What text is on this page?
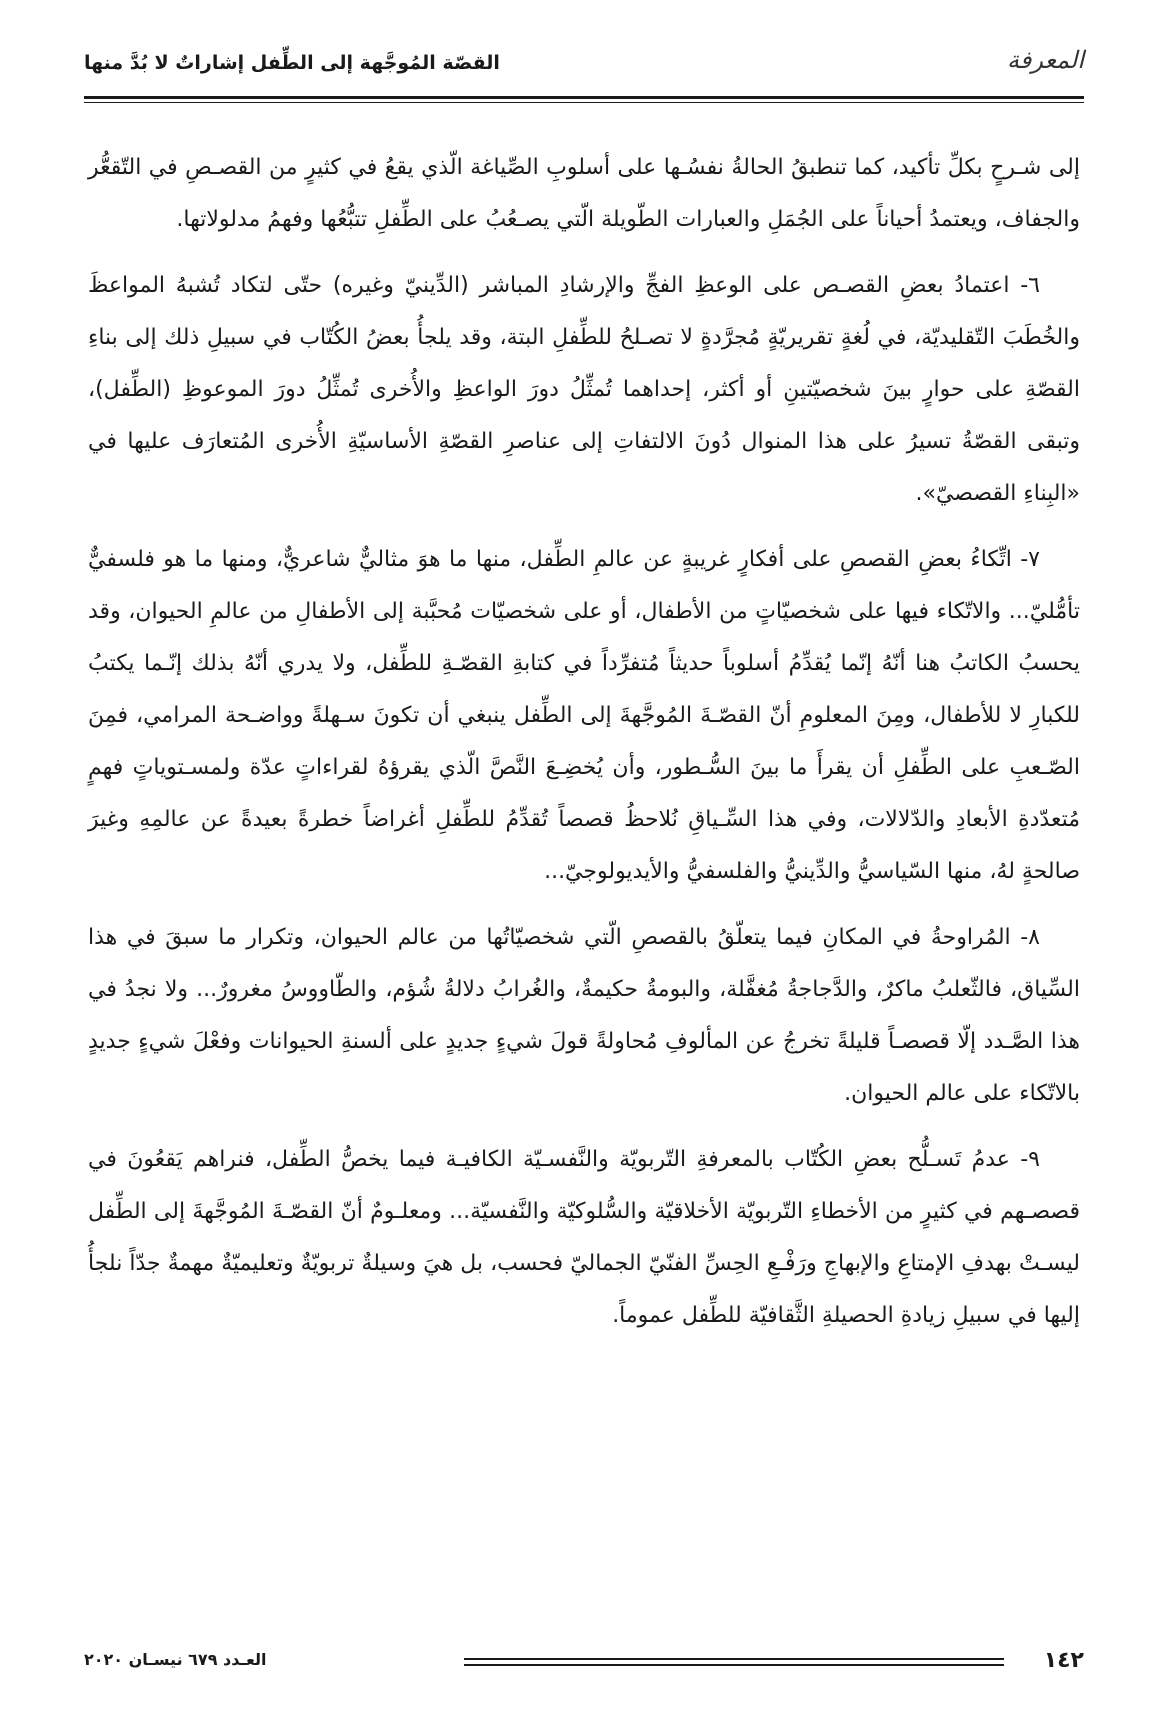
المعرفة
القصّة المُوجَّهة إلى الطِّفل إشاراتٌ لا بُدَّ منها

إلى شـرحٍ بكلِّ تأكيد، كما تنطبقُ الحالةُ نفسُـها على أسلوبِ الصِّياغة الّذي يقعُ في كثيرٍ من القصـصِ في التّقعُّر والجفاف، ويعتمدُ أحياناً على الجُمَلِ والعبارات الطّويلة الّتي يصـعُبُ على الطِّفلِ تتبُّعُها وفهمُ مدلولاتها.

٦- اعتمادُ بعضِ القصـص على الوعظِ الفجِّ والإرشادِ المباشر (الدِّينيّ وغيره) حتّى لتكاد تُشبهُ المواعظَ والخُطَبَ التّقليديّة، في لُغةٍ تقريريّةٍ مُجرَّدةٍ لا تصـلحُ للطِّفلِ البتة، وقد يلجأُ بعضُ الكُتّاب في سبيلِ ذلك إلى بناءِ القصّةِ على حوارٍ بينَ شخصيّتينِ أو أكثر، إحداهما تُمثِّلُ دورَ الواعظِ والأُخرى تُمثِّلُ دورَ الموعوظِ (الطِّفل)، وتبقى القصّةُ تسيرُ على هذا المنوال دُونَ الالتفاتِ إلى عناصرِ القصّةِ الأساسيّةِ الأُخرى المُتعارَف عليها في «البِناءِ القصصيّ».

٧- اتِّكاءُ بعضِ القصصِ على أفكارٍ غريبةٍ عن عالمِ الطِّفل، منها ما هوَ مثاليٌّ شاعريٌّ، ومنها ما هو فلسفيٌّ تأمُّليّ... والاتّكاء فيها على شخصيّاتٍ من الأطفال، أو على شخصيّات مُحبَّبة إلى الأطفالِ من عالمِ الحيوان، وقد يحسبُ الكاتبُ هنا أنّهُ إنّما يُقدِّمُ أسلوباً حديثاً مُتفرِّداً في كتابةِ القصّـةِ للطِّفل، ولا يدري أنّهُ بذلك إنّـما يكتبُ للكبارِ لا للأطفال، ومِنَ المعلومِ أنّ القصّـةَ المُوجَّهةَ إلى الطِّفل ينبغي أن تكونَ سـهلةً وواضـحة المرامي، فمِنَ الصّـعبِ على الطِّفلِ أن يقرأَ ما بينَ السُّـطور، وأن يُخضِـعَ النَّصَّ الّذي يقرؤهُ لقراءاتٍ عدّة ولمسـتوياتٍ فهمٍ مُتعدّدةِ الأبعادِ والدّلالات، وفي هذا السِّـياقِ نُلاحظُ قصصاً تُقدِّمُ للطِّفلِ أغراضاً خطرةً بعيدةً عن عالمِهِ وغيرَ صالحةٍ لهُ، منها السّياسيُّ والدِّينيُّ والفلسفيُّ والأيديولوجيّ...

٨- المُراوحةُ في المكانِ فيما يتعلّقُ بالقصصِ الّتي شخصيّاتُها من عالم الحيوان، وتكرار ما سبقَ في هذا السِّياق، فالثّعلبُ ماكرٌ، والدَّجاجةُ مُغفَّلة، والبومةُ حكيمةٌ، والغُرابُ دلالةُ شُؤم، والطّاووسُ مغرورٌ... ولا نجدُ في هذا الصَّـدد إلّا قصصـاً قليلةً تخرجُ عن المألوفِ مُحاولةً قولَ شيءٍ جديدٍ على ألسنةِ الحيوانات وفعْلَ شيءٍ جديدٍ بالاتّكاء على عالم الحيوان.

٩- عدمُ تَسـلُّح بعضِ الكُتّاب بالمعرفةِ التّربويّة والنَّفسـيّة الكافيـة فيما يخصُّ الطِّفل، فنراهم يَقعُونَ في قصصـهم في كثيرٍ من الأخطاءِ التّربويّة الأخلاقيّة والسُّلوكيّة والنَّفسيّة... ومعلـومٌ أنّ القصّـةَ المُوجَّهةَ إلى الطِّفل ليسـتْ بهدفِ الإمتاعِ والإبهاجِ ورَفْـعِ الحِسِّ الفنّيّ الجماليّ فحسب، بل هيَ وسيلةٌ تربويّةٌ وتعليميّةٌ مهمةٌ جدّاً نلجأُ إليها في سبيلِ زيادةِ الحصيلةِ الثَّقافيّة للطِّفل عموماً.

١٤٢
العـدد ٦٧٩ نيسـان ٢٠٢٠
